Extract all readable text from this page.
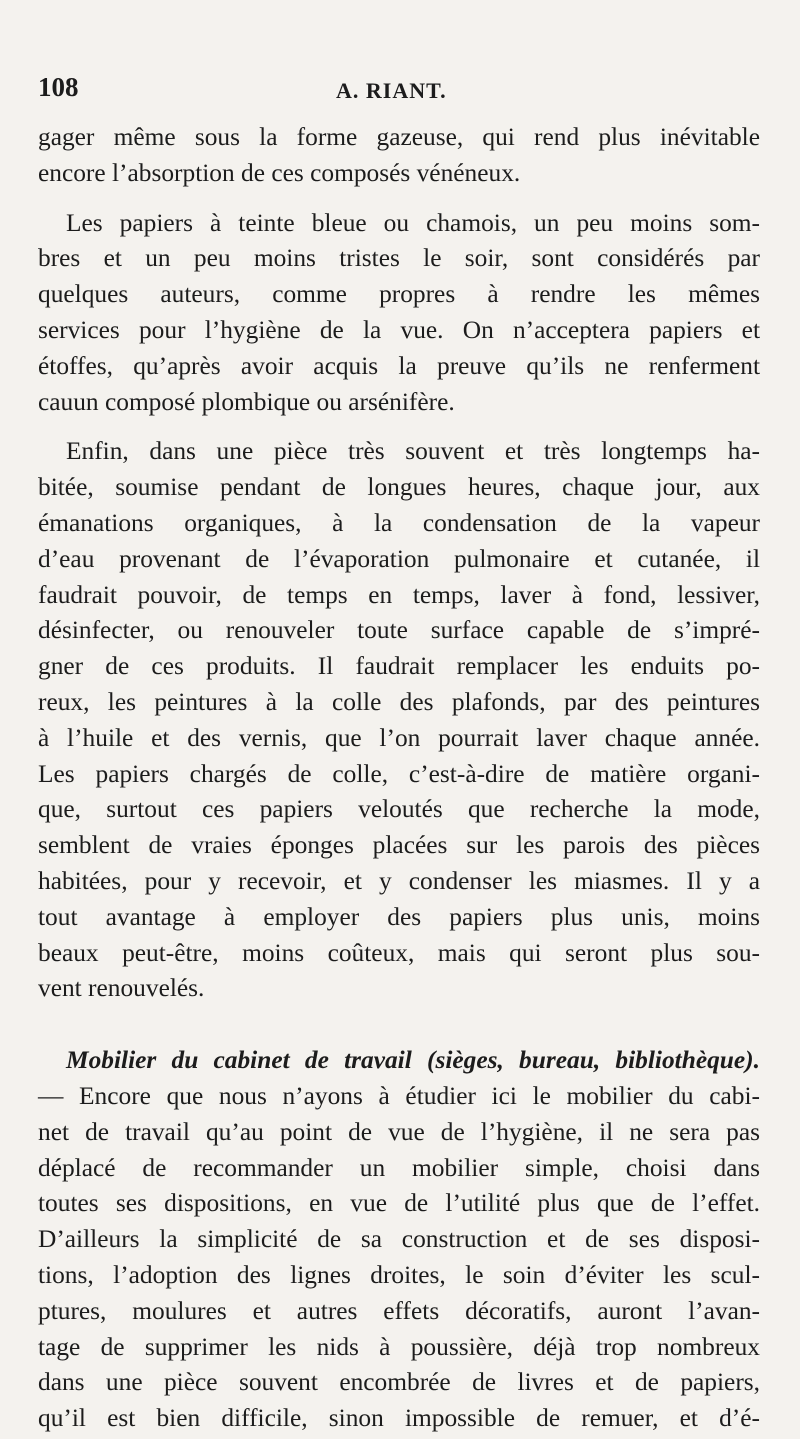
108	A. RIANT.

gager même sous la forme gazeuse, qui rend plus inévitable
encore l’absorption de ces composés vénéneux.

Les papiers à teinte bleue ou chamois, un peu moins som-
bres et un peu moins tristes le soir, sont considérés par
quelques auteurs, comme propres à rendre les mêmes
services pour l’hygiène de la vue. On n’acceptera papiers et
étoffes, qu’après avoir acquis la preuve qu’ils ne renferment
cauun composé plombique ou arsénifère.

Enfin, dans une pièce très souvent et très longtemps ha-
bitée, soumise pendant de longues heures, chaque jour, aux
émanations organiques, à la condensation de la vapeur
d’eau provenant de l’évaporation pulmonaire et cutanée, il
faudrait pouvoir, de temps en temps, laver à fond, lessiver,
désinfecter, ou renouveler toute surface capable de s’impré-
gner de ces produits. Il faudrait remplacer les enduits po-
reux, les peintures à la colle des plafonds, par des peintures
à l’huile et des vernis, que l’on pourrait laver chaque année.
Les papiers chargés de colle, c’est-à-dire de matière organi-
que, surtout ces papiers veloutés que recherche la mode,
semblent de vraies éponges placées sur les parois des pièces
habitées, pour y recevoir, et y condenser les miasmes. Il y a
tout avantage à employer des papiers plus unis, moins
beaux peut-être, moins coûteux, mais qui seront plus sou-
vent renouvelés.

Mobilier du cabinet de travail (sièges, bureau, bibliothèque).
— Encore que nous n’ayons à étudier ici le mobilier du cabi-
net de travail qu’au point de vue de l’hygiène, il ne sera pas
déplacé de recommander un mobilier simple, choisi dans
toutes ses dispositions, en vue de l’utilité plus que de l’effet.
D’ailleurs la simplicité de sa construction et de ses disposi-
tions, l’adoption des lignes droites, le soin d’éviter les scul-
ptures, moulures et autres effets décoratifs, auront l’avan-
tage de supprimer les nids à poussière, déjà trop nombreux
dans une pièce souvent encombrée de livres et de papiers,
qu’il est bien difficile, sinon impossible de remuer, et d’é-
